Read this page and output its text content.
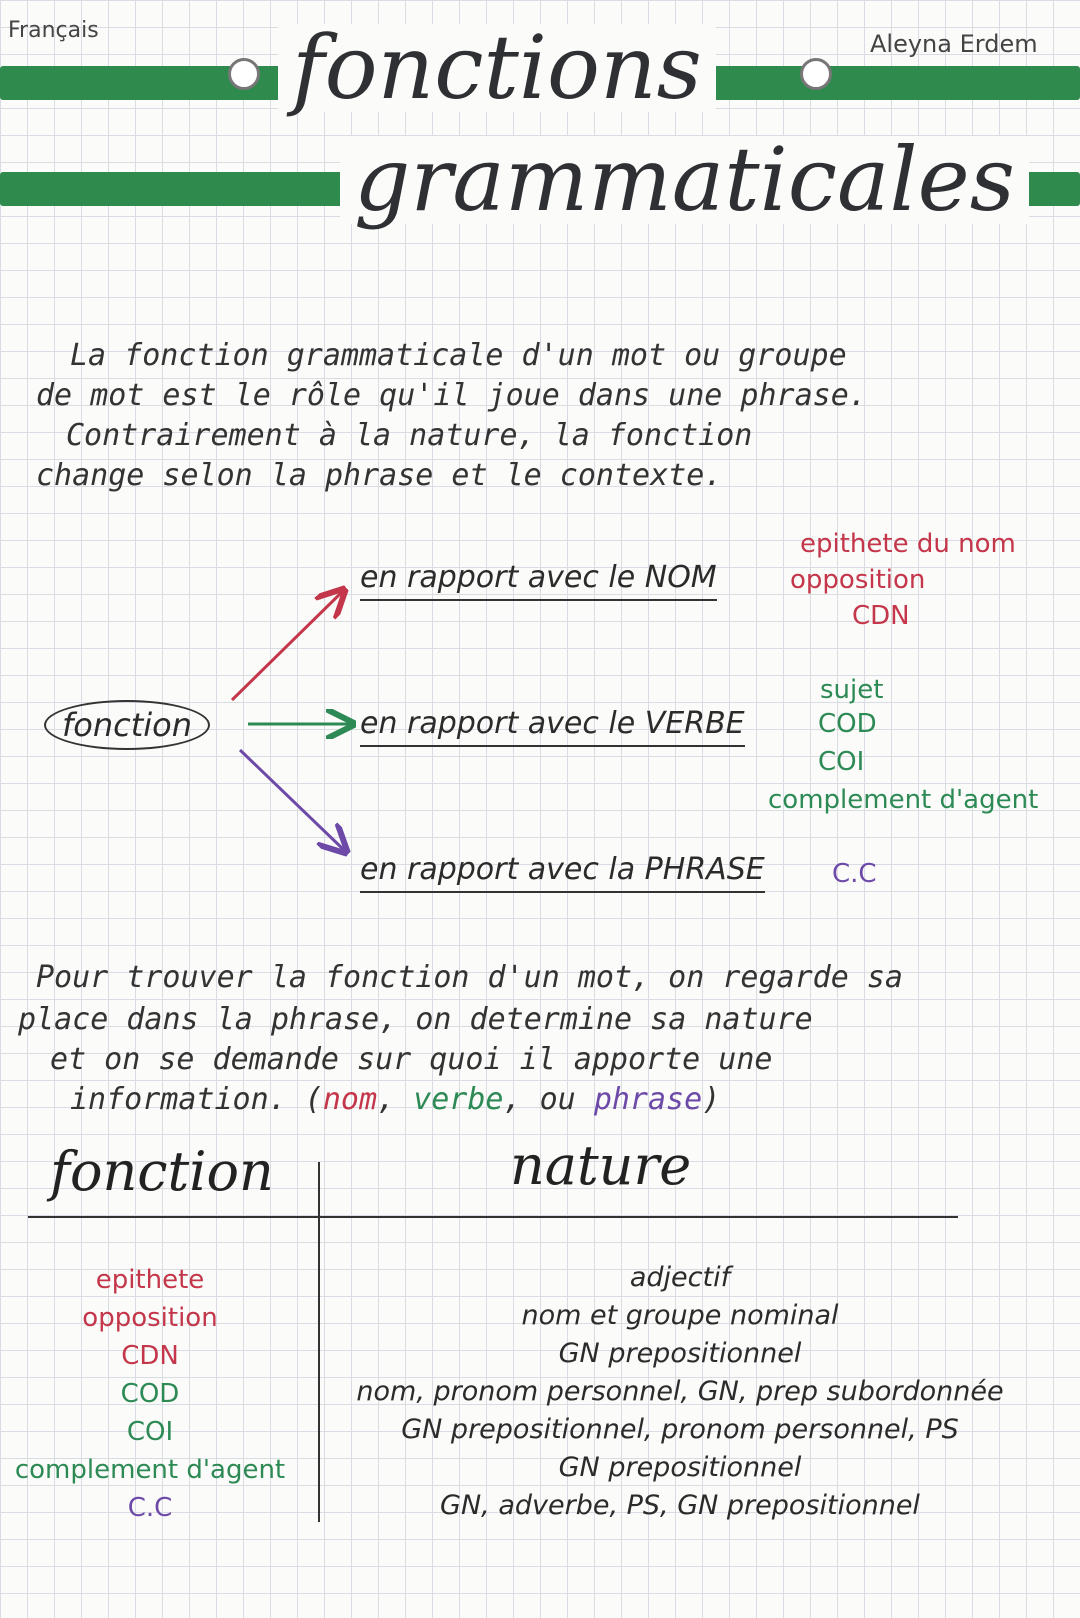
Français	Aleyna Erdem
fonctions
grammaticales
La fonction grammaticale d'un mot ou groupe
de mot est le rôle qu'il joue dans une phrase.
Contrairement à la nature, la fonction
change selon la phrase et le contexte.
fonction
en rapport avec le NOM
en rapport avec le VERBE
en rapport avec la PHRASE
epithete du nom
opposition
CDN
sujet
COD
COI
complement d'agent
C.C
Pour trouver la fonction d'un mot, on regarde sa
place dans la phrase, on determine sa nature
et on se demande sur quoi il apporte une
information. (nom, verbe, ou phrase)
fonction	nature
epithete
opposition
CDN
COD
COI
complement d'agent
C.C
adjectif
nom et groupe nominal
GN prepositionnel
nom, pronom personnel, GN, prep subordonnée
GN prepositionnel, pronom personnel, PS
GN prepositionnel
GN, adverbe, PS, GN prepositionnel
